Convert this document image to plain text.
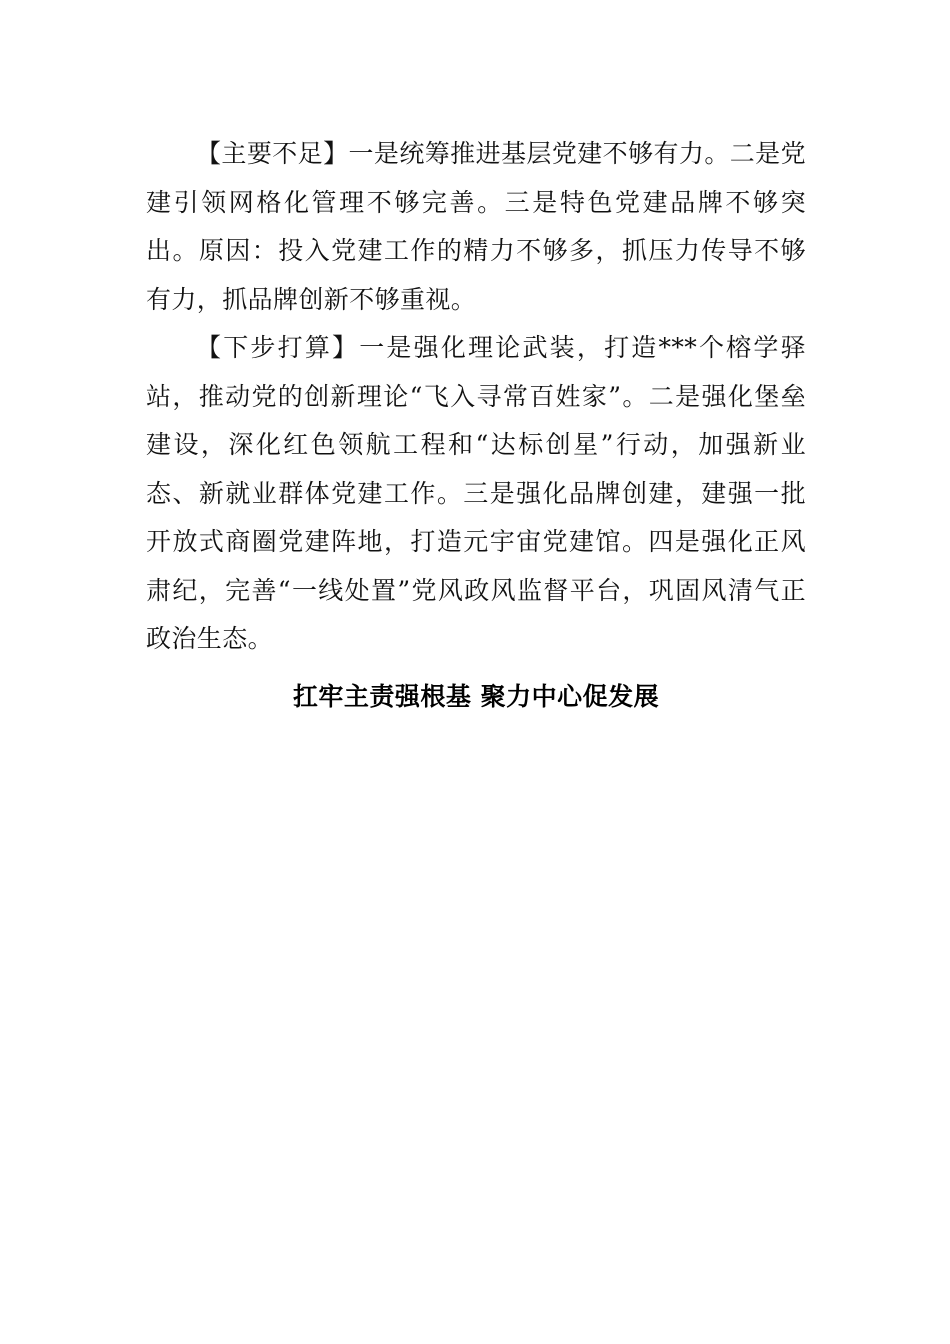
【主要不足】一是统筹推进基层党建不够有力。二是党建引领网格化管理不够完善。三是特色党建品牌不够突出。原因：投入党建工作的精力不够多，抓压力传导不够有力，抓品牌创新不够重视。

【下步打算】一是强化理论武装，打造***个榕学驿站，推动党的创新理论“飞入寻常百姓家”。二是强化堡垒建设，深化红色领航工程和“达标创星”行动，加强新业态、新就业群体党建工作。三是强化品牌创建，建强一批开放式商圈党建阵地，打造元宇宙党建馆。四是强化正风肃纪，完善“一线处置”党风政风监督平台，巩固风清气正政治生态。

扛牢主责强根基 聚力中心促发展
